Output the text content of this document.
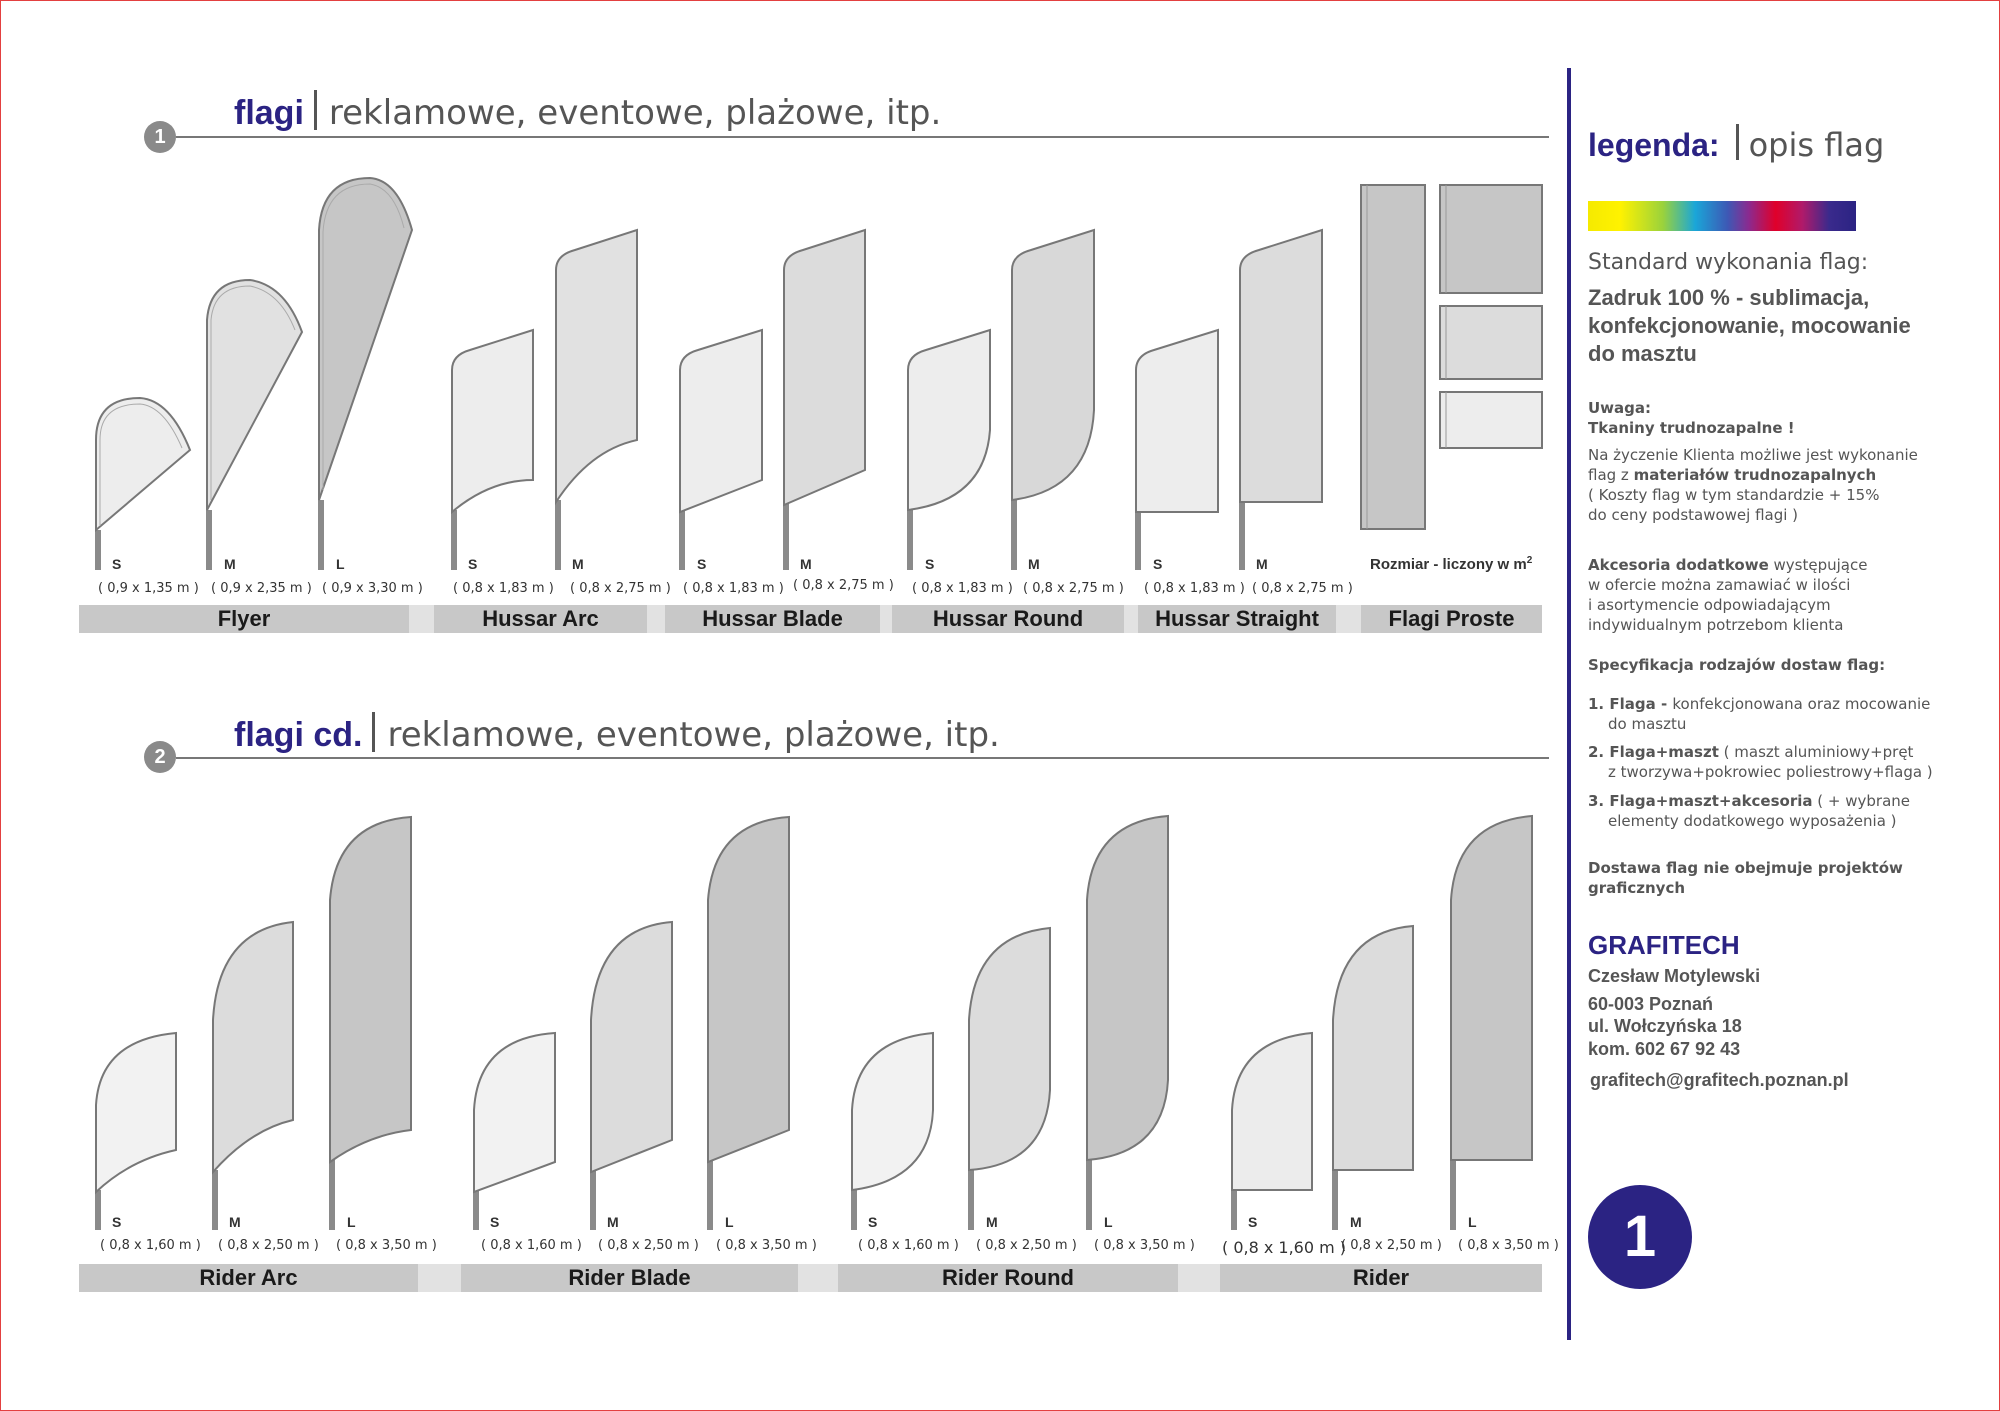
1
flagi reklamowe, eventowe, plażowe, itp.
2
flagi cd. reklamowe, eventowe, plażowe, itp.
S	M	L
( 0,9 x 1,35 m ) ( 0,9 x 2,35 m ) ( 0,9 x 3,30 m )
S	M
( 0,8 x 1,83 m ) ( 0,8 x 2,75 m )
S	M
( 0,8 x 1,83 m ) ( 0,8 x 2,75 m )
S	M
( 0,8 x 1,83 m ) ( 0,8 x 2,75 m )
S	M
( 0,8 x 1,83 m ) ( 0,8 x 2,75 m )
Rozmiar - liczony w $m^2$
Flyer	Hussar Arc	Hussar Blade	Hussar Round	Hussar Straight	Flagi Proste
S	M	L
( 0,8 x 1,60 m ) ( 0,8 x 2,50 m ) ( 0,8 x 3,50 m )
S	M	L
( 0,8 x 1,60 m ) ( 0,8 x 2,50 m ) ( 0,8 x 3,50 m )
S	M	L
( 0,8 x 1,60 m ) ( 0,8 x 2,50 m ) ( 0,8 x 3,50 m )
S	M	L
( 0,8 x 1,60 m )
( 0,8 x 2,50 m ) ( 0,8 x 3,50 m )
Rider Arc	Rider Blade	Rider Round	Rider
legenda: opis flag
Standard wykonania flag:
Zadruk 100 % - sublimacja,
konfekcjonowanie, mocowanie
do masztu
Uwaga:
Tkaniny trudnozapalne !
Na życzenie Klienta możliwe jest wykonanie
flag z materiałów trudnozapalnych
( Koszty flag w tym standardzie + 15%
do ceny podstawowej flagi )
Akcesoria dodatkowe występujące
w ofercie można zamawiać w ilości
i asortymencie odpowiadającym
indywidualnym potrzebom klienta
Specyfikacja rodzajów dostaw flag:
1. Flaga - konfekcjonowana oraz mocowanie
do masztu
2. Flaga+maszt ( maszt aluminiowy+pręt
z tworzywa+pokrowiec poliestrowy+flaga )
3. Flaga+maszt+akcesoria ( + wybrane
elementy dodatkowego wyposażenia )
Dostawa flag nie obejmuje projektów
graficznych
GRAFITECH
Czesław Motylewski
60-003 Poznań
ul. Wołczyńska 18
kom. 602 67 92 43
grafitech@grafitech.poznan.pl
1
